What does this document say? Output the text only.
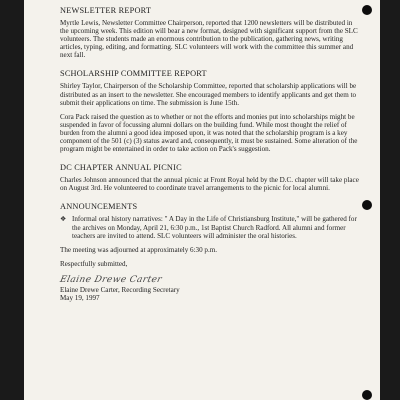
NEWSLETTER REPORT

Myrtle Lewis, Newsletter Committee Chairperson, reported that 1200 newsletters will be distributed in the upcoming week. This edition will bear a new format, designed with significant support from the SLC volunteers. The students made an enormous contribution to the publication, gathering news, writing articles, typing, editing, and formatting. SLC volunteers will work with the committee this summer and next fall.

SCHOLARSHIP COMMITTEE REPORT

Shirley Taylor, Chairperson of the Scholarship Committee, reported that scholarship applications will be distributed as an insert to the newsletter. She encouraged members to identify applicants and get them to submit their applications on time. The submission is June 15th.

Cora Pack raised the question as to whether or not the efforts and monies put into scholarships might be suspended in favor of focussing alumni dollars on the building fund. While most thought the relief of burden from the alumni a good idea imposed upon, it was noted that the scholarship program is a key component of the 501 (c) (3) status award and, consequently, it must be sustained. Some alteration of the program might be entertained in order to take action on Pack's suggestion.

DC CHAPTER ANNUAL PICNIC

Charles Johnson announced that the annual picnic at Front Royal held by the D.C. chapter will take place on August 3rd. He volunteered to coordinate travel arrangements to the picnic for local alumni.

ANNOUNCEMENTS
❖ Informal oral history narratives: " A Day in the Life of Christiansburg Institute," will be gathered for the archives on Monday, April 21, 6:30 p.m., 1st Baptist Church Radford. All alumni and former teachers are invited to attend. SLC volunteers will administer the oral histories.

The meeting was adjourned at approximately 6:30 p.m.

Respectfully submitted,

Elaine Drewe Carter
Elaine Drewe Carter, Recording Secretary
May 19, 1997
